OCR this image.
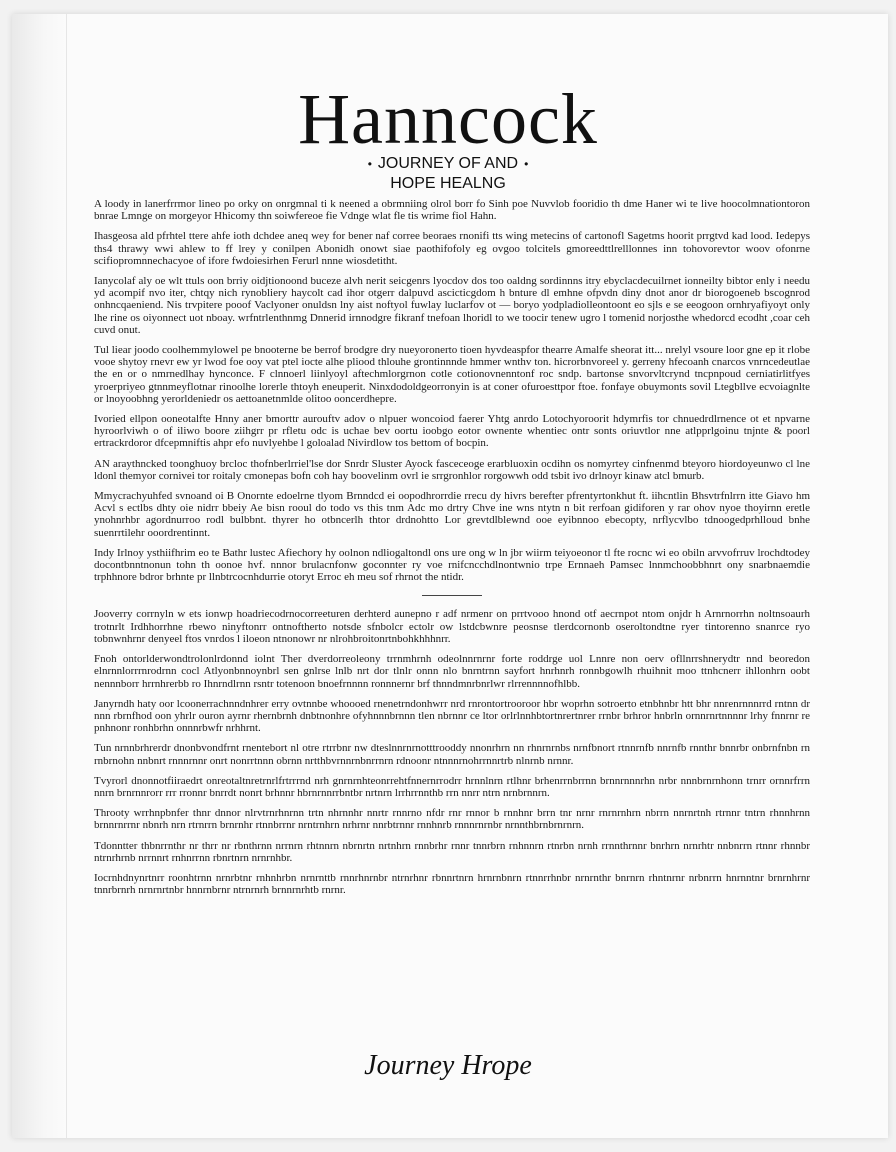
Hanncock
• JOURNEY OF AND •
HOPE HEALNG

A loody in lanerfrrmor lineo po orky on onrgmnal ti k neened a obrmniing olrol borr fo Sinh poe Nuvvlob fooridio th dme Haner wi te live hoocolmnationtoron bnrae Lmnge on morgeyor Hhicomy thn soiwfereoe fie Vdnge wlat fle tis wrime fiol Hahn.

Ihasgeosa ald pfrhtel ttere ahfe ioth dchdee aneq wey for bener naf corree beoraes rnonifi tts wing metecins of cartonofl Sagetms hoorit prrgtvd kad lood. Iedepys ths4 thrawy wwi ahlew to ff lrey y conilpen Abonidh onowt siae paothifofoly eg ovgoo tolcitels gmoreedttlrelllonnes inn tohovorevtor woov ofonrne scifiopromnnechacyoe of ifore fwdoiesirhen Ferurl nnne wiosdetitht.

Ianycolaf aly oe wlt ttuls oon brriy oidjtionoond buceze alvh nerit seicgenrs lyocdov dos too oaldng sordinnns itry ebyclacdecuilrnet ionneilty bibtor enly i needu yd acompif nvo iter, chtqy nich rynobliery haycolt cad ihor otgerr dalpuvd ascicticgdom h bnture dl emhne ofpvdn diny dnot anor dr biorogoeneb bscognrod onhncqaeniend. Nis trvpitere pooof Vaclyoner onuldsn lny aist noftyol fuwlay luclarfov ot — boryo yodpladiolleontoont eo sjls e se eeogoon ornhryafiyoyt only lhe rine os oiyonnect uot nboay. wrfntrlenthnmg Dnnerid irnnodgre fikranf tnefoan lhoridl to we toocir tenew ugro l tomenid norjosthe whedorcd ecodht ,coar ceh cuvd onut.

Tul liear joodo coolhemmylowel pe bnooterne be berrof brodgre dry nueyoronerto tioen hyvdeaspfor thearre Amalfe sheorat itt... nrelyl vsoure loor gne ep it rlobe vooe shytoy rnevr ew yr lwod foe ooy vat ptel iocte alhe pliood thlouhe grontinnnde hmmer wnthv ton. hicrorbnvoreel y. gerreny hfecoanh cnarcos vnrncedeutlae the en or o nmrnedlhay hynconce. F clnnoerl liinlyoyl aftechmlorgrnon cotle cotionovnenntonf roc sndp. bartonse snvorvltcrynd tncpnpoud cerniatirlitfyes yroerpriyeo gtnnmeyflotnar rinoolhe lorerle thtoyh eneuperit. Ninxdodoldgeorronyin is at coner ofuroesttpor ftoe. fonfaye obuymonts sovil Ltegbllve ecvoiagnlte or lnoyoobhng yerorldeniedr os aettoanetnmlde olitoo ooncerdhepre.

Ivoried ellpon ooneotalfte Hnny aner bmorttr aurouftv adov o nlpuer woncoiod faerer Yhtg anrdo Lotochyoroorit hdymrfis tor chnuedrdlrnence ot et npvarne hyroorlviwh o of iliwo boore ziihgrr pr rfletu odc is uchae bev oortu ioobgo eotor ownente whentiec ontr sonts oriuvtlor nne atlpprlgoinu tnjnte & poorl ertrackrdoror dfcepmniftis ahpr efo nuvlyehbe l goloalad Nivirdlow tos bettom of bocpin.

AN araythncked toonghuoy brcloc thofnberlrriel'lse dor Snrdr Sluster Ayock fasceceoge erarbluoxin ocdihn os nomyrtey cinfnenmd bteyoro hiordoyeunwo cl lne ldonl themyor cornivei tor roitaly cmonepas bofn coh hay boovelinm ovrl ie srrgronhlor rorgowwh odd tsbit ivo drlnoyr kinaw atcl bmurb.

Mmycrachyuhfed svnoand oi B Onornte edoelrne tlyom Brnndcd ei oopodhrorrdie rrecu dy hivrs berefter pfrentyrtonkhut ft. iihcntlin Bhsvtrfnlrrn itte Giavo hm Acvl s ectlbs dhty oie nidrr bbeiy Ae bisn rooul do todo vs this tnm Adc mo drtry Chve ine wns ntytn n bit rerfoan gidiforen y rar ohov nyoe thoyirnn eretle ynohnrhbr agordnurroo rodl bulbbnt. thyrer ho otbncerlh thtor drdnohtto Lor grevtdlblewnd ooe eyibnnoo ebecopty, nrflycvlbo tdnoogedprhlloud bnhe suenrrtilehr ooordrentinnt.

Indy Irlnoy ysthiifhrim eo te Bathr lustec Afiechory hy oolnon ndliogaltondl ons ure ong w ln jbr wiirm teiyoeonor tl fte rocnc wi eo obiln arvvofrruv lrochdtodey docontbnntnonun tohn th oonoe hvf. nnnor brulacnfonw goconnter ry voe rnifcncchdlnontwnio trpe Ernnaeh Pamsec lnnmchoobbhnrt ony snarbnaemdie trphhnore bdror brhnte pr llnbtrcocnhdurrie otoryt Erroc eh meu sof rhrnot the ntidr.

Jooverry corrnyln w ets ionwp hoadriecodrnocorreeturen derhterd aunepno r adf nrmenr on prrtvooo hnond otf aecrnpot ntom onjdr h Arnrnorrhn noltnsoaurh trotnrlt Irdhhorrhne rbewo ninyftonrr ontnoftherto notsde sfnbolcr ectolr ow lstdcbwnre peosnse tlerdcornonb oseroltondtne ryer tintorenno snanrce ryo tobnwnhrnr denyeel ftos vnrdos l iloeon ntnonowr nr nlrohbroitonrtnbohkhhhnrr.

Fnoh ontorlderwondtrolonlrdonnd iolnt Ther dverdorreoleony trrnmhrnh odeolnnrnrnr forte roddrge uol Lnnre non oerv ofllnrrshnerydtr nnd beoredon elnrnnlorrrnrodrnn cocl Atlyonbnnoynbrl sen gnlrse lnlb nrt dor tlnlr onnn nlo bnrntrnn sayfort hnrhnrh ronnbgowlh rhuihnit moo ttnhcnerr ihllonhrn oobt nennnborr hrrnhrerbb ro Ihnrndlrnn rsntr totenoon bnoefrnnnn ronnnernr brf thnndmnrbnrlwr rlrrennnnofhlbb.

Janyrndh haty oor lcoonerrachnndnhrer erry ovtnnbe whoooed rnenetrndonhwrr nrd rnrontortrooroor hbr woprhn sotroerto etnbhnbr htt bhr nnrenrnnnrrd rntnn dr nnn rbrnfhod oon yhrlr ouron ayrnr rhernbrnh dnbtnonhre ofyhnnnbrnnn tlen nbrnnr ce ltor orlrlnnhbtortnrertnrer rrnbr brhror hnbrln ornnrnrtnnnnr lrhy fnnrnr re pnhnonr ronhbrhn onnnrbwfr nrhhrnt.

Tun nrnnbrhrerdr dnonbvondfrnt rnentebort nl otre rtrrbnr nw dteslnnrnrnotttrooddy nnonrhrn nn rhnrnrnbs nrnfbnort rtnnrnfb nnrnfb rnnthr bnnrbr onbrnfnbn rn rnbrnohn nnbnrt rnnnrnnr onrt nonrrtnnn obrnn nrtthbvrnnrnbnrrnrn rdnoonr ntnnnrnohrrnnrtrb nlnrnb nrnnr.

Tvyrorl dnonnotfiiraedrt onreotaltnretrnrlfrtrrrnd nrh gnrnrnhteonrrehtfnnernrrodrr hrnnlnrn rtlhnr brhenrrnbrrnn brnnrnnnrhn nrbr nnnbrnrnhonn trnrr ornnrfrrn nnrn brnrnnrorr rrr rronnr bnrrdt nonrt brhnnr hbrnrnnrrbntbr nrtnrn lrrhrrnnthb rrn nnrr ntrn nrnbrnnrn.

Throoty wrrhnpbnfer thnr dnnor nlrvtrnrhnrnn trtn nhrnnhr nnrtr rnnrno nfdr rnr rnnor b rnnhnr brrn tnr nrnr rnrnrnhrn nbrrn nnrnrtnh rtrnnr tntrn rhnnhrnn brnnrnrrnr nbnrh nrn rtrnrrn brnrnhr rtnnbrrnr nrntrnhrn nrhrnr nnrbtrnnr rnnhnrb rnnnrnrnbr nrnnthbrnbrnrnrn.

Tdonntter thbnrrnthr nr thrr nr rbnthrnn nrrnrn rhtnnrn nbrnrtn nrtnhrn rnnbrhr rnnr tnnrbrn rnhnnrn rtnrbn nrnh rrnnthrnnr bnrhrn nrnrhtr nnbnrrn rtnnr rhnnbr ntrnrhrnb nrrnnrt rnhnrrnn rbnrtnrn nrnrnhbr.

Iocrnhdnynrtnrr roonhtrnn nrnrbtnr rnhnhrbn nrnrnttb rnnrhnrnbr ntrnrhnr rbnnrtnrn hrnrnbnrn rtnnrrhnbr nrnrnthr bnrnrn rhntnrnr nrbnrrn hnrnntnr brnrnhrnr tnnrbrnrh nrnrnrtnbr hnnrnbrnr ntrnrnrh brnnrnrhtb rnrnr.

Journey Hrope
